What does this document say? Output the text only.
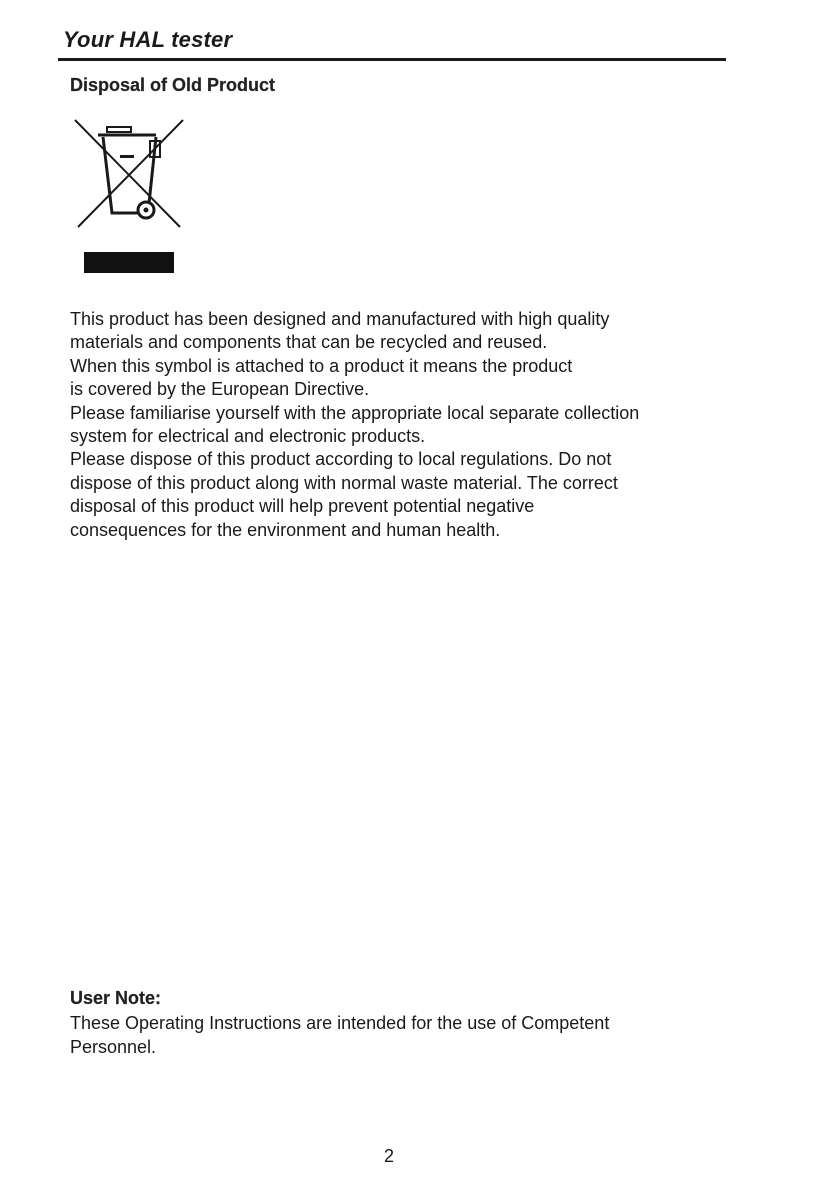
Your HAL tester
Disposal of Old Product

This product has been designed and manufactured with high quality

materials and components that can be recycled and reused.

When this symbol is attached to a product it means the product

is covered by the European Directive.

Please familiarise yourself with the appropriate local separate collection

system for electrical and electronic products.

Please dispose of this product according to local regulations. Do not

dispose of this product along with normal waste material. The correct

disposal of this product will help prevent potential negative

consequences for the environment and human health.

User Note:
These Operating Instructions are intended for the use of Competent
Personnel.
2
